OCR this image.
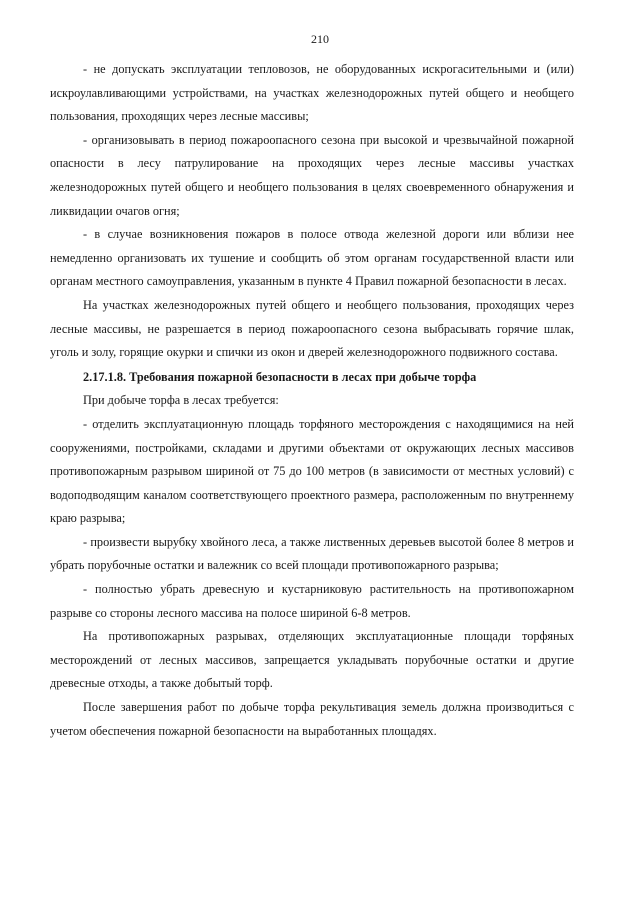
210

- не допускать эксплуатации тепловозов, не оборудованных искрогасительными и (или) искроулавливающими устройствами, на участках железнодорожных путей общего и необщего пользования, проходящих через лесные массивы;

- организовывать в период пожароопасного сезона при высокой и чрезвычайной пожарной опасности в лесу патрулирование на проходящих через лесные массивы участках железнодорожных путей общего и необщего пользования в целях своевременного обнаружения и ликвидации очагов огня;

- в случае возникновения пожаров в полосе отвода железной дороги или вблизи нее немедленно организовать их тушение и сообщить об этом органам государственной власти или органам местного самоуправления, указанным в пункте 4 Правил пожарной безопасности в лесах.

На участках железнодорожных путей общего и необщего пользования, проходящих через лесные массивы, не разрешается в период пожароопасного сезона выбрасывать горячие шлак, уголь и золу, горящие окурки и спички из окон и дверей железнодорожного подвижного состава.

2.17.1.8. Требования пожарной безопасности в лесах при добыче торфа

При добыче торфа в лесах требуется:

- отделить эксплуатационную площадь торфяного месторождения с находящимися на ней сооружениями, постройками, складами и другими объектами от окружающих лесных массивов противопожарным разрывом шириной от 75 до 100 метров (в зависимости от местных условий) с водоподводящим каналом соответствующего проектного размера, расположенным по внутреннему краю разрыва;

- произвести вырубку хвойного леса, а также лиственных деревьев высотой более 8 метров и убрать порубочные остатки и валежник со всей площади противопожарного разрыва;

- полностью убрать древесную и кустарниковую растительность на противопожарном разрыве со стороны лесного массива на полосе шириной 6-8 метров.

На противопожарных разрывах, отделяющих эксплуатационные площади торфяных месторождений от лесных массивов, запрещается укладывать порубочные остатки и другие древесные отходы, а также добытый торф.

После завершения работ по добыче торфа рекультивация земель должна производиться с учетом обеспечения пожарной безопасности на выработанных площадях.
